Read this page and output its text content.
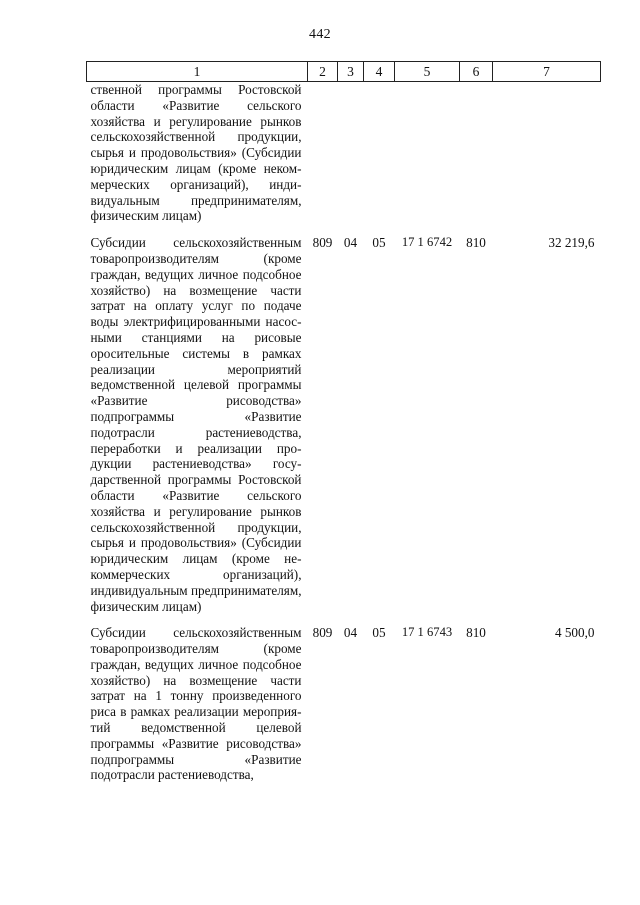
442
1	2	3	4	5	6	7
ственной программы Ростовской области «Развитие сельского хозяйства и регулирование рынков сельскохозяйственной продукции, сырья и продовольствия» (Субсидии юридическим лицам (кроме некоммерческих организаций), индивидуальным предпринимателям, физическим лицам)						

Субсидии сельскохозяйственным товаропроизводителям (кроме граждан, ведущих личное подсобное хозяйство) на возмещение части затрат на оплату услуг по подаче воды электрифицированными насосными станциями на рисовые оросительные системы в рамках реализации мероприятий ведомственной целевой программы «Развитие рисоводства» подпрограммы «Развитие подотрасли растениеводства, переработки и реализации продукции растениеводства» государственной программы Ростовской области «Развитие сельского хозяйства и регулирование рынков сельскохозяйственной продукции, сырья и продовольствия» (Субсидии юридическим лицам (кроме некоммерческих организаций), индивидуальным предпринимателям, физическим лицам)	809	04	05	17 1 6742	810	32 219,6

Субсидии сельскохозяйственным товаропроизводителям (кроме граждан, ведущих личное подсобное хозяйство) на возмещение части затрат на 1 тонну произведенного риса в рамках реализации мероприятий ведомственной целевой программы «Развитие рисоводства» подпрограммы «Развитие подотрасли растениеводства,	809	04	05	17 1 6743	810	4 500,0
